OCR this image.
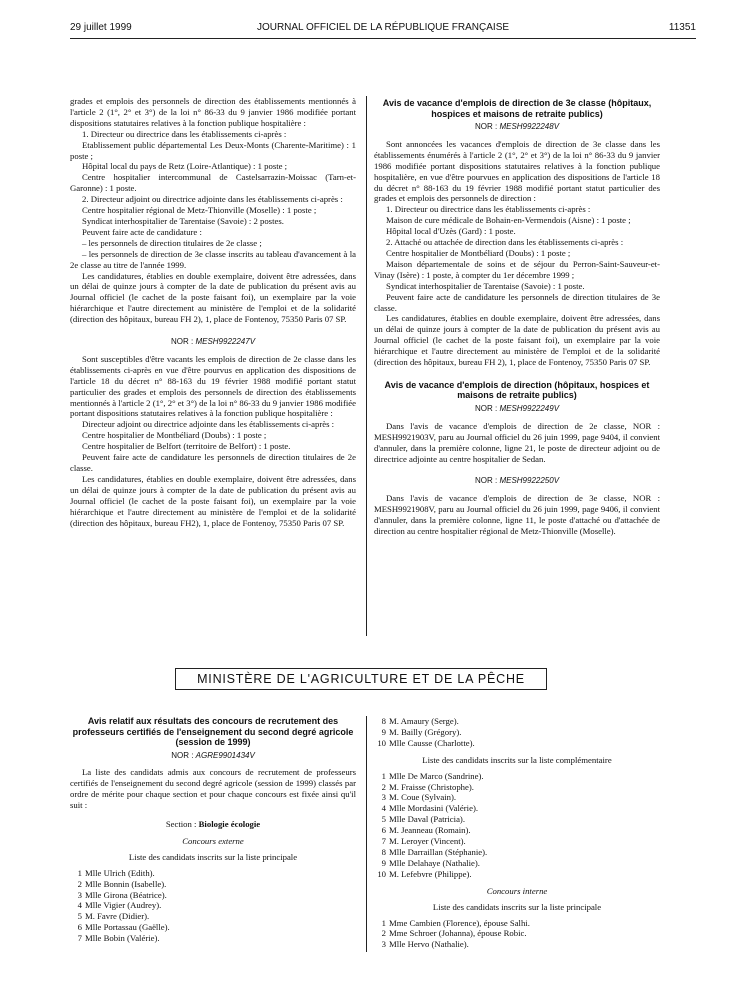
29 juillet 1999	JOURNAL OFFICIEL DE LA RÉPUBLIQUE FRANÇAISE	11351

grades et emplois des personnels de direction des établissements mentionnés à l'article 2 (1°, 2° et 3°) de la loi n° 86-33 du 9 janvier 1986 modifiée portant dispositions statutaires relatives à la fonction publique hospitalière :

1. Directeur ou directrice dans les établissements ci-après :

Etablissement public départemental Les Deux-Monts (Charente-Maritime) : 1 poste ;

Hôpital local du pays de Retz (Loire-Atlantique) : 1 poste ;

Centre hospitalier intercommunal de Castelsarrazin-Moissac (Tarn-et-Garonne) : 1 poste.

2. Directeur adjoint ou directrice adjointe dans les établissements ci-après :

Centre hospitalier régional de Metz-Thionville (Moselle) : 1 poste ;

Syndicat interhospitalier de Tarentaise (Savoie) : 2 postes.

Peuvent faire acte de candidature :

– les personnels de direction titulaires de 2e classe ;

– les personnels de direction de 3e classe inscrits au tableau d'avancement à la 2e classe au titre de l'année 1999.

Les candidatures, établies en double exemplaire, doivent être adressées, dans un délai de quinze jours à compter de la date de publication du présent avis au Journal officiel (le cachet de la poste faisant foi), un exemplaire par la voie hiérarchique et l'autre directement au ministère de l'emploi et de la solidarité (direction des hôpitaux, bureau FH 2), 1, place de Fontenoy, 75350 Paris 07 SP.

NOR : MESH9922247V

Sont susceptibles d'être vacants les emplois de direction de 2e classe dans les établissements ci-après en vue d'être pourvus en application des dispositions de l'article 18 du décret n° 88-163 du 19 février 1988 modifié portant statut particulier des grades et emplois des personnels de direction des établissements mentionnés à l'article 2 (1°, 2° et 3°) de la loi n° 86-33 du 9 janvier 1986 modifiée portant dispositions statutaires relatives à la fonction publique hospitalière :

Directeur adjoint ou directrice adjointe dans les établissements ci-après :

Centre hospitalier de Montbéliard (Doubs) : 1 poste ;

Centre hospitalier de Belfort (territoire de Belfort) : 1 poste.

Peuvent faire acte de candidature les personnels de direction titulaires de 2e classe.

Les candidatures, établies en double exemplaire, doivent être adressées, dans un délai de quinze jours à compter de la date de publication du présent avis au Journal officiel (le cachet de la poste faisant foi), un exemplaire par la voie hiérarchique et l'autre directement au ministère de l'emploi et de la solidarité (direction des hôpitaux, bureau FH2), 1, place de Fontenoy, 75350 Paris 07 SP.

Avis de vacance d'emplois de direction de 3e classe (hôpitaux, hospices et maisons de retraite publics)
NOR : MESH9922248V

Sont annoncées les vacances d'emplois de direction de 3e classe dans les établissements énumérés à l'article 2 (1°, 2° et 3°) de la loi n° 86-33 du 9 janvier 1986 modifiée portant dispositions statutaires relatives à la fonction publique hospitalière, en vue d'être pourvues en application des dispositions de l'article 18 du décret n° 88-163 du 19 février 1988 modifié portant statut particulier des grades et emplois des personnels de direction :

1. Directeur ou directrice dans les établissements ci-après :

Maison de cure médicale de Bohain-en-Vermendois (Aisne) : 1 poste ;

Hôpital local d'Uzès (Gard) : 1 poste.

2. Attaché ou attachée de direction dans les établissements ci-après :

Centre hospitalier de Montbéliard (Doubs) : 1 poste ;

Maison départementale de soins et de séjour du Perron-Saint-Sauveur-et-Vinay (Isère) : 1 poste, à compter du 1er décembre 1999 ;

Syndicat interhospitalier de Tarentaise (Savoie) : 1 poste.

Peuvent faire acte de candidature les personnels de direction titulaires de 3e classe.

Les candidatures, établies en double exemplaire, doivent être adressées, dans un délai de quinze jours à compter de la date de publication du présent avis au Journal officiel (le cachet de la poste faisant foi), un exemplaire par la voie hiérarchique et l'autre directement au ministère de l'emploi et de la solidarité (direction des hôpitaux, bureau FH 2), 1, place de Fontenoy, 75350 Paris 07 SP.

Avis de vacance d'emplois de direction (hôpitaux, hospices et maisons de retraite publics)
NOR : MESH9922249V

Dans l'avis de vacance d'emplois de direction de 2e classe, NOR : MESH9921903V, paru au Journal officiel du 26 juin 1999, page 9404, il convient d'annuler, dans la première colonne, ligne 21, le poste de directeur adjoint ou de directrice adjointe au centre hospitalier de Sedan.

NOR : MESH9922250V

Dans l'avis de vacance d'emplois de direction de 3e classe, NOR : MESH9921908V, paru au Journal officiel du 26 juin 1999, page 9406, il convient d'annuler, dans la première colonne, ligne 11, le poste d'attaché ou d'attachée de direction au centre hospitalier régional de Metz-Thionville (Moselle).

MINISTÈRE DE L'AGRICULTURE ET DE LA PÊCHE
Avis relatif aux résultats des concours de recrutement des professeurs certifiés de l'enseignement du second degré agricole (session de 1999)
NOR : AGRE9901434V

La liste des candidats admis aux concours de recrutement de professeurs certifiés de l'enseignement du second degré agricole (session de 1999) classés par ordre de mérite pour chaque section et pour chaque concours est fixée ainsi qu'il suit :

Section : Biologie écologie

Concours externe

Liste des candidats inscrits sur la liste principale

1 Mlle Ulrich (Edith).
2 Mlle Bonnin (Isabelle).
3 Mlle Girona (Béatrice).
4 Mlle Vigier (Audrey).
5 M. Favre (Didier).
6 Mlle Portassau (Gaëlle).
7 Mlle Bobin (Valérie).
8 M. Amaury (Serge).
9 M. Bailly (Grégory).
10 Mlle Causse (Charlotte).

Liste des candidats inscrits sur la liste complémentaire

1 Mlle De Marco (Sandrine).
2 M. Fraisse (Christophe).
3 M. Coue (Sylvain).
4 Mlle Mordasini (Valérie).
5 Mlle Daval (Patricia).
6 M. Jeanneau (Romain).
7 M. Leroyer (Vincent).
8 Mlle Darraillan (Stéphanie).
9 Mlle Delahaye (Nathalie).
10 M. Lefebvre (Philippe).

Concours interne

Liste des candidats inscrits sur la liste principale

1 Mme Cambien (Florence), épouse Salhi.
2 Mme Schroer (Johanna), épouse Robic.
3 Mlle Hervo (Nathalie).
